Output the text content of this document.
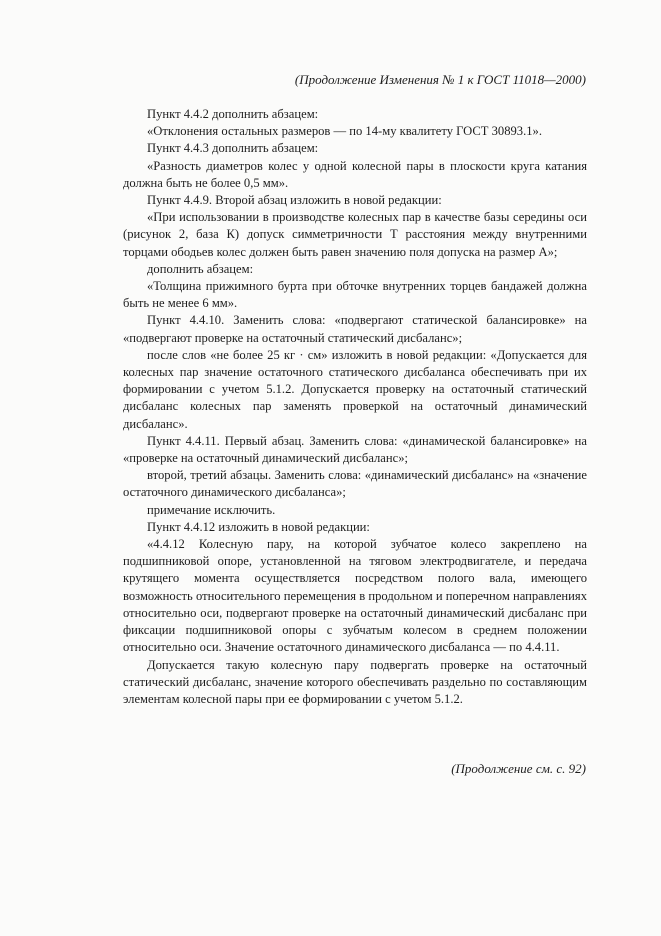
(Продолжение Изменения № 1 к ГОСТ 11018—2000)

Пункт 4.4.2 дополнить абзацем:

«Отклонения остальных размеров — по 14-му квалитету ГОСТ 30893.1».

Пункт 4.4.3 дополнить абзацем:

«Разность диаметров колес у одной колесной пары в плоскости круга катания должна быть не более 0,5 мм».

Пункт 4.4.9. Второй абзац изложить в новой редакции:

«При использовании в производстве колесных пар в качестве базы середины оси (рисунок 2, база К) допуск симметричности Т расстояния между внутренними торцами ободьев колес должен быть равен значению поля допуска на размер А»;

дополнить абзацем:

«Толщина прижимного бурта при обточке внутренних торцев бандажей должна быть не менее 6 мм».

Пункт 4.4.10. Заменить слова: «подвергают статической балансировке» на «подвергают проверке на остаточный статический дисбаланс»;

после слов «не более 25 кг · см» изложить в новой редакции: «Допускается для колесных пар значение остаточного статического дисбаланса обеспечивать при их формировании с учетом 5.1.2. Допускается проверку на остаточный статический дисбаланс колесных пар заменять проверкой на остаточный динамический дисбаланс».

Пункт 4.4.11. Первый абзац. Заменить слова: «динамической балансировке» на «проверке на остаточный динамический дисбаланс»;

второй, третий абзацы. Заменить слова: «динамический дисбаланс» на «значение остаточного динамического дисбаланса»;

примечание исключить.

Пункт 4.4.12 изложить в новой редакции:

«4.4.12 Колесную пару, на которой зубчатое колесо закреплено на подшипниковой опоре, установленной на тяговом электродвигателе, и передача крутящего момента осуществляется посредством полого вала, имеющего возможность относительного перемещения в продольном и поперечном направлениях относительно оси, подвергают проверке на остаточный динамический дисбаланс при фиксации подшипниковой опоры с зубчатым колесом в среднем положении относительно оси. Значение остаточного динамического дисбаланса — по 4.4.11.

Допускается такую колесную пару подвергать проверке на остаточный статический дисбаланс, значение которого обеспечивать раздельно по составляющим элементам колесной пары при ее формировании с учетом 5.1.2.

(Продолжение см. с. 92)
